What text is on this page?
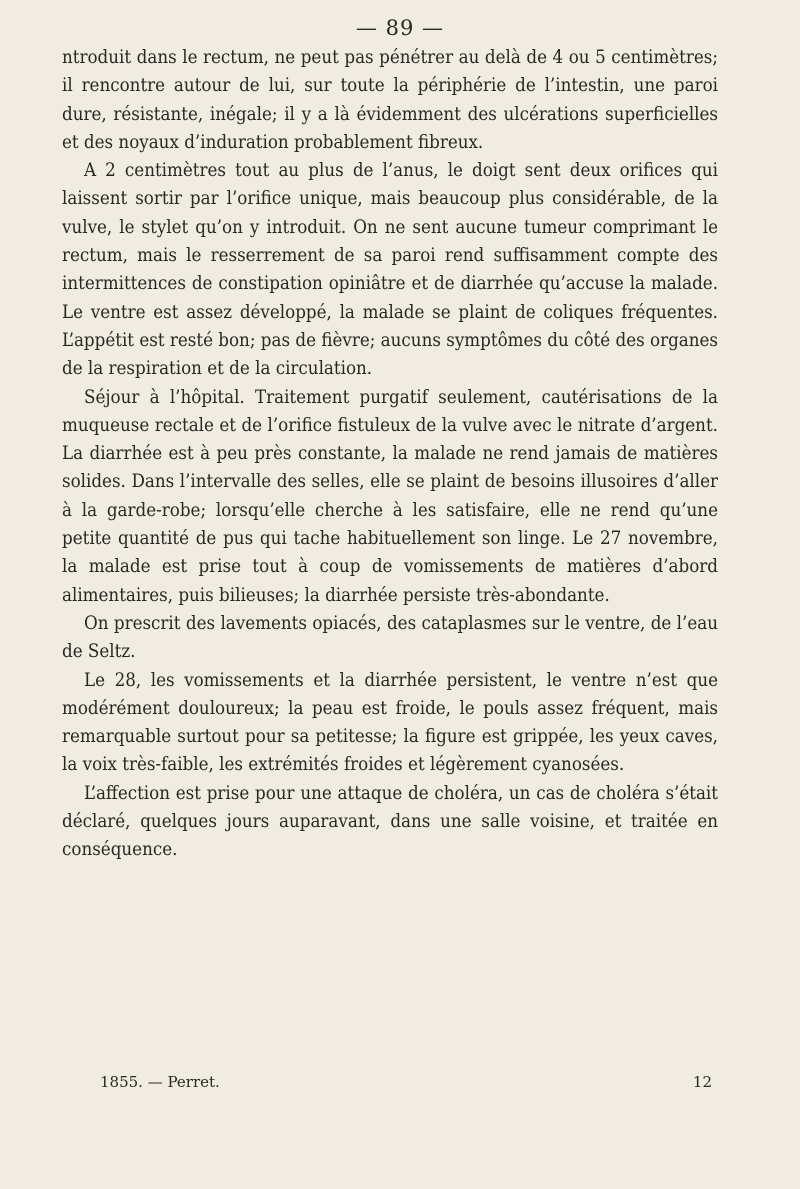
— 89 —

ntroduit dans le rectum, ne peut pas pénétrer au delà de 4 ou 5 centimètres; il rencontre autour de lui, sur toute la périphérie de l’intestin, une paroi dure, résistante, inégale; il y a là évidemment des ulcérations superficielles et des noyaux d’induration probablement fibreux.

A 2 centimètres tout au plus de l’anus, le doigt sent deux orifices qui laissent sortir par l’orifice unique, mais beaucoup plus considérable, de la vulve, le stylet qu’on y introduit. On ne sent aucune tumeur comprimant le rectum, mais le resserrement de sa paroi rend suffisamment compte des intermittences de constipation opiniâtre et de diarrhée qu’accuse la malade. Le ventre est assez développé, la malade se plaint de coliques fréquentes. L’appétit est resté bon; pas de fièvre; aucuns symptômes du côté des organes de la respiration et de la circulation.

Séjour à l’hôpital. Traitement purgatif seulement, cautérisations de la muqueuse rectale et de l’orifice fistuleux de la vulve avec le nitrate d’argent. La diarrhée est à peu près constante, la malade ne rend jamais de matières solides. Dans l’intervalle des selles, elle se plaint de besoins illusoires d’aller à la garde-robe; lorsqu’elle cherche à les satisfaire, elle ne rend qu’une petite quantité de pus qui tache habituellement son linge. Le 27 novembre, la malade est prise tout à coup de vomissements de matières d’abord alimentaires, puis bilieuses; la diarrhée persiste très-abondante.

On prescrit des lavements opiacés, des cataplasmes sur le ventre, de l’eau de Seltz.

Le 28, les vomissements et la diarrhée persistent, le ventre n’est que modérément douloureux; la peau est froide, le pouls assez fréquent, mais remarquable surtout pour sa petitesse; la figure est grippée, les yeux caves, la voix très-faible, les extrémités froides et légèrement cyanosées.

L’affection est prise pour une attaque de choléra, un cas de choléra s’était déclaré, quelques jours auparavant, dans une salle voisine, et traitée en conséquence.

1855. — Perret.	12
